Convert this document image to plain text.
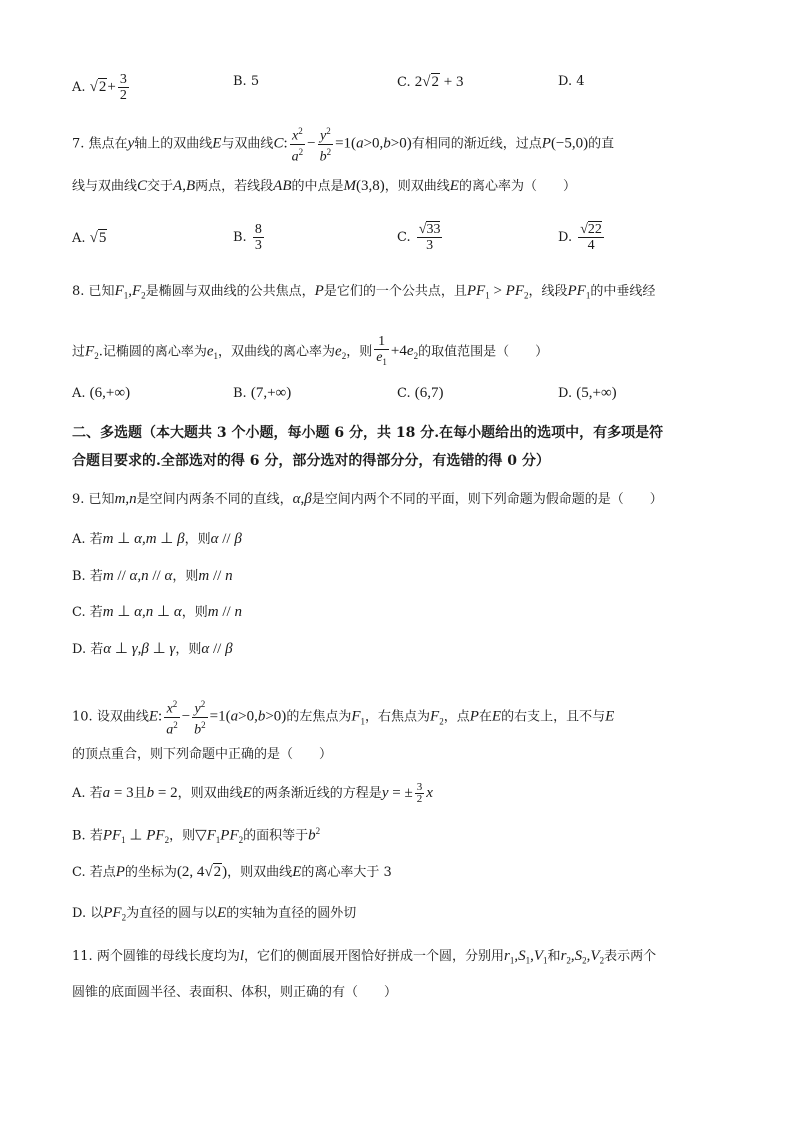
A. $√2+ \frac{3}{2}$	B. 5	C. 2√2 + 3	D. 4
7. 焦点在y轴上的双曲线E与双曲线C: $\frac{x^2}{a^2} - \frac{y^2}{b^2} =1(a>0,b>0)$有相同的渐近线，过点P(−5,0)的直
线与双曲线C交于A,B两点，若线段AB的中点是M(3,8)，则双曲线E的离心率为（　　）
A. √5	B. $\frac{8}{3}$	C. $\frac{√33}{3}$	D. $\frac{√22}{4}$
8. 已知$F_1,F_2$是椭圆与双曲线的公共焦点，P是它们的一个公共点，且$PF_1 > PF_2$，线段$PF_1$的中垂线经
过$F_2$.记椭圆的离心率为$e_1$，双曲线的离心率为$e_2$，则 $\frac{1}{e_1} +4e_2$的取值范围是（　　）
A. (6,+∞)	B. (7,+∞)	C. (6,7)	D. (5,+∞)
二、多选题（本大题共 3 个小题，每小题 6 分，共 18 分.在每小题给出的选项中，有多项是符
合题目要求的.全部选对的得 6 分，部分选对的得部分分，有选错的得 0 分）
9. 已知m,n是空间内两条不同的直线，α,β是空间内两个不同的平面，则下列命题为假命题的是（　　）
A. 若m ⊥ α,m ⊥ β，则α // β
B. 若m // α,n // α，则m // n
C. 若m ⊥ α,n ⊥ α，则m // n
D. 若α ⊥ γ,β ⊥ γ，则α // β
10. 设双曲线E: $\frac{x^2}{a^2} - \frac{y^2}{b^2} =1(a>0,b>0)$的左焦点为$F_1$，右焦点为$F_2$，点P在E的右支上，且不与E
的顶点重合，则下列命题中正确的是（　　）
A. 若a = 3且b = 2，则双曲线E的两条渐近线的方程是y = ± $\frac{3}{2}$ x
B. 若$PF_1$ ⊥ $PF_2$，则$▽F_1PF_2$的面积等于$b^2$
C. 若点P的坐标为(2, 4√2)，则双曲线E的离心率大于 3
D. 以$PF_2$为直径的圆与以E的实轴为直径的圆外切
11. 两个圆锥的母线长度均为l，它们的侧面展开图恰好拼成一个圆，分别用$r_1,S_1,V_1$和$r_2,S_2,V_2$表示两个
圆锥的底面圆半径、表面积、体积，则正确的有（　　）
